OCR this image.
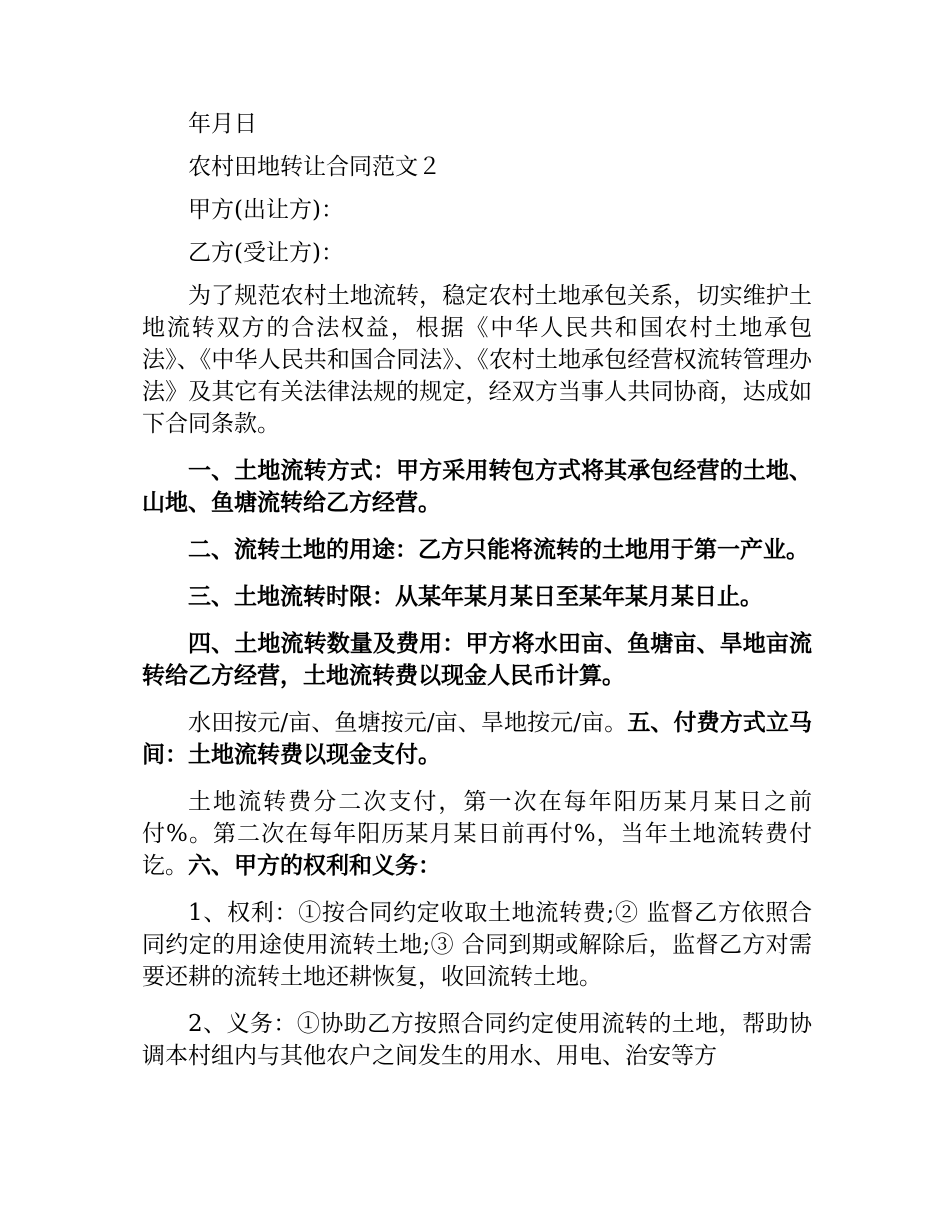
年月日

农村田地转让合同范文２

甲方(出让方)：

乙方(受让方)：

为了规范农村土地流转，稳定农村土地承包关系，切实维护土地流转双方的合法权益，根据《中华人民共和国农村土地承包法》、《中华人民共和国合同法》、《农村土地承包经营权流转管理办法》及其它有关法律法规的规定，经双方当事人共同协商，达成如下合同条款。

一、土地流转方式：甲方采用转包方式将其承包经营的土地、山地、鱼塘流转给乙方经营。

二、流转土地的用途：乙方只能将流转的土地用于第一产业。

三、土地流转时限：从某年某月某日至某年某月某日止。

四、土地流转数量及费用：甲方将水田亩、鱼塘亩、旱地亩流转给乙方经营，土地流转费以现金人民币计算。

水田按元/亩、鱼塘按元/亩、旱地按元/亩。五、付费方式立马间：土地流转费以现金支付。

土地流转费分二次支付，第一次在每年阳历某月某日之前付%。第二次在每年阳历某月某日前再付%，当年土地流转费付讫。六、甲方的权利和义务：

1、权利：①按合同约定收取土地流转费;② 监督乙方依照合同约定的用途使用流转土地;③ 合同到期或解除后，监督乙方对需要还耕的流转土地还耕恢复，收回流转土地。

2、义务：①协助乙方按照合同约定使用流转的土地，帮助协调本村组内与其他农户之间发生的用水、用电、治安等方
